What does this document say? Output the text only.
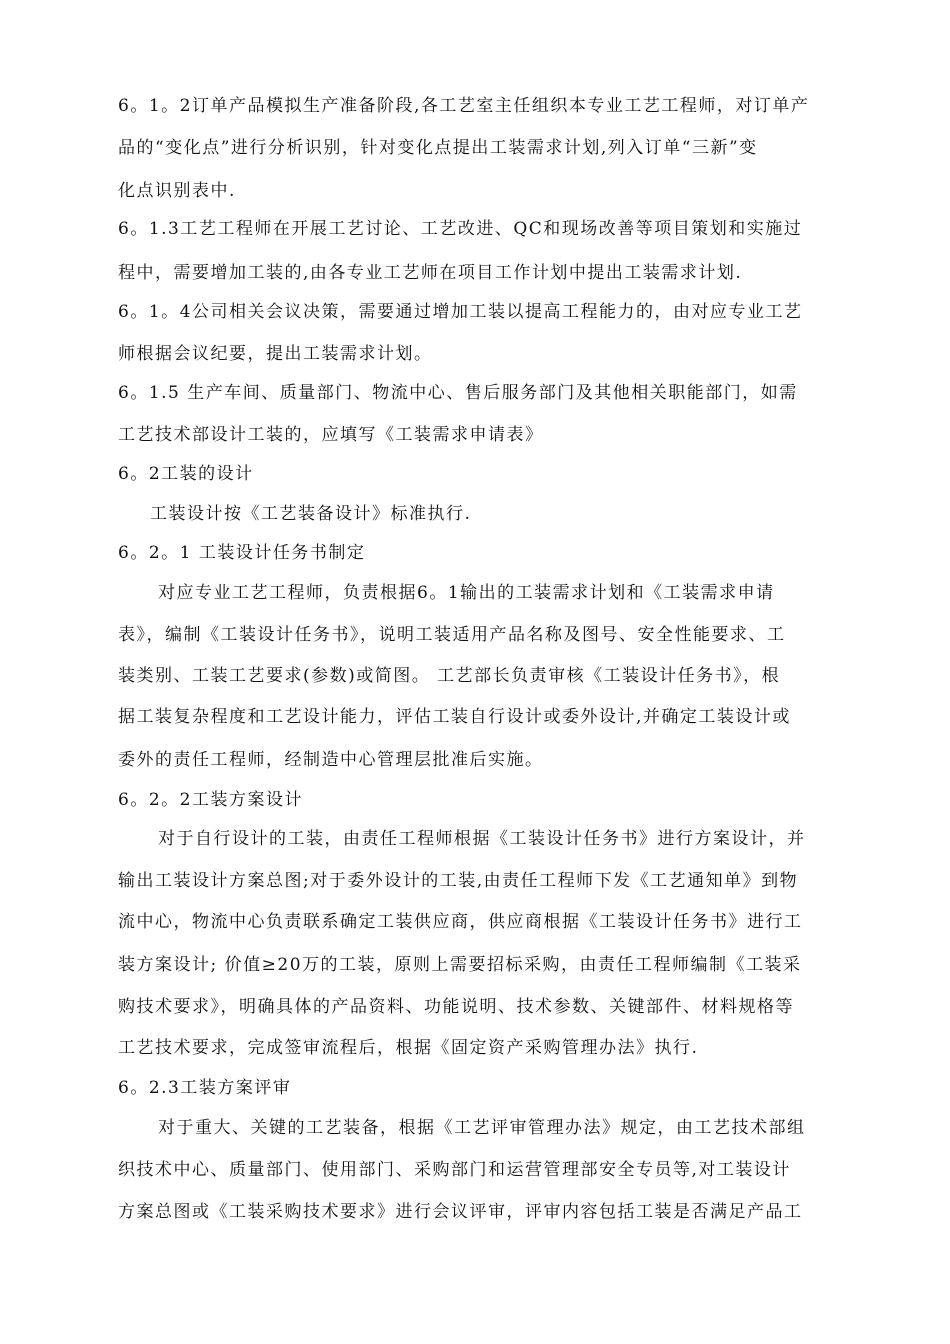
6。1。2订单产品模拟生产准备阶段,各工艺室主任组织本专业工艺工程师，对订单产
品的“变化点”进行分析识别，针对变化点提出工装需求计划,列入订单“三新”变
化点识别表中.
6。1.3工艺工程师在开展工艺讨论、工艺改进、QC和现场改善等项目策划和实施过
程中，需要增加工装的,由各专业工艺师在项目工作计划中提出工装需求计划.
6。1。4公司相关会议决策，需要通过增加工装以提高工程能力的，由对应专业工艺
师根据会议纪要，提出工装需求计划。
6。1.5 生产车间、质量部门、物流中心、售后服务部门及其他相关职能部门，如需
工艺技术部设计工装的，应填写《工装需求申请表》
6。2工装的设计
工装设计按《工艺装备设计》标准执行.
6。2。1 工装设计任务书制定
对应专业工艺工程师，负责根据6。1输出的工装需求计划和《工装需求申请
表》，编制《工装设计任务书》，说明工装适用产品名称及图号、安全性能要求、工
装类别、工装工艺要求(参数)或简图。 工艺部长负责审核《工装设计任务书》，根
据工装复杂程度和工艺设计能力，评估工装自行设计或委外设计,并确定工装设计或
委外的责任工程师，经制造中心管理层批准后实施。
6。2。2工装方案设计
对于自行设计的工装，由责任工程师根据《工装设计任务书》进行方案设计，并
输出工装设计方案总图;对于委外设计的工装,由责任工程师下发《工艺通知单》到物
流中心，物流中心负责联系确定工装供应商，供应商根据《工装设计任务书》进行工
装方案设计; 价值≥20万的工装，原则上需要招标采购，由责任工程师编制《工装采
购技术要求》，明确具体的产品资料、功能说明、技术参数、关键部件、材料规格等
工艺技术要求，完成签审流程后，根据《固定资产采购管理办法》执行.
6。2.3工装方案评审
对于重大、关键的工艺装备，根据《工艺评审管理办法》规定，由工艺技术部组
织技术中心、质量部门、使用部门、采购部门和运营管理部安全专员等,对工装设计
方案总图或《工装采购技术要求》进行会议评审，评审内容包括工装是否满足产品工
